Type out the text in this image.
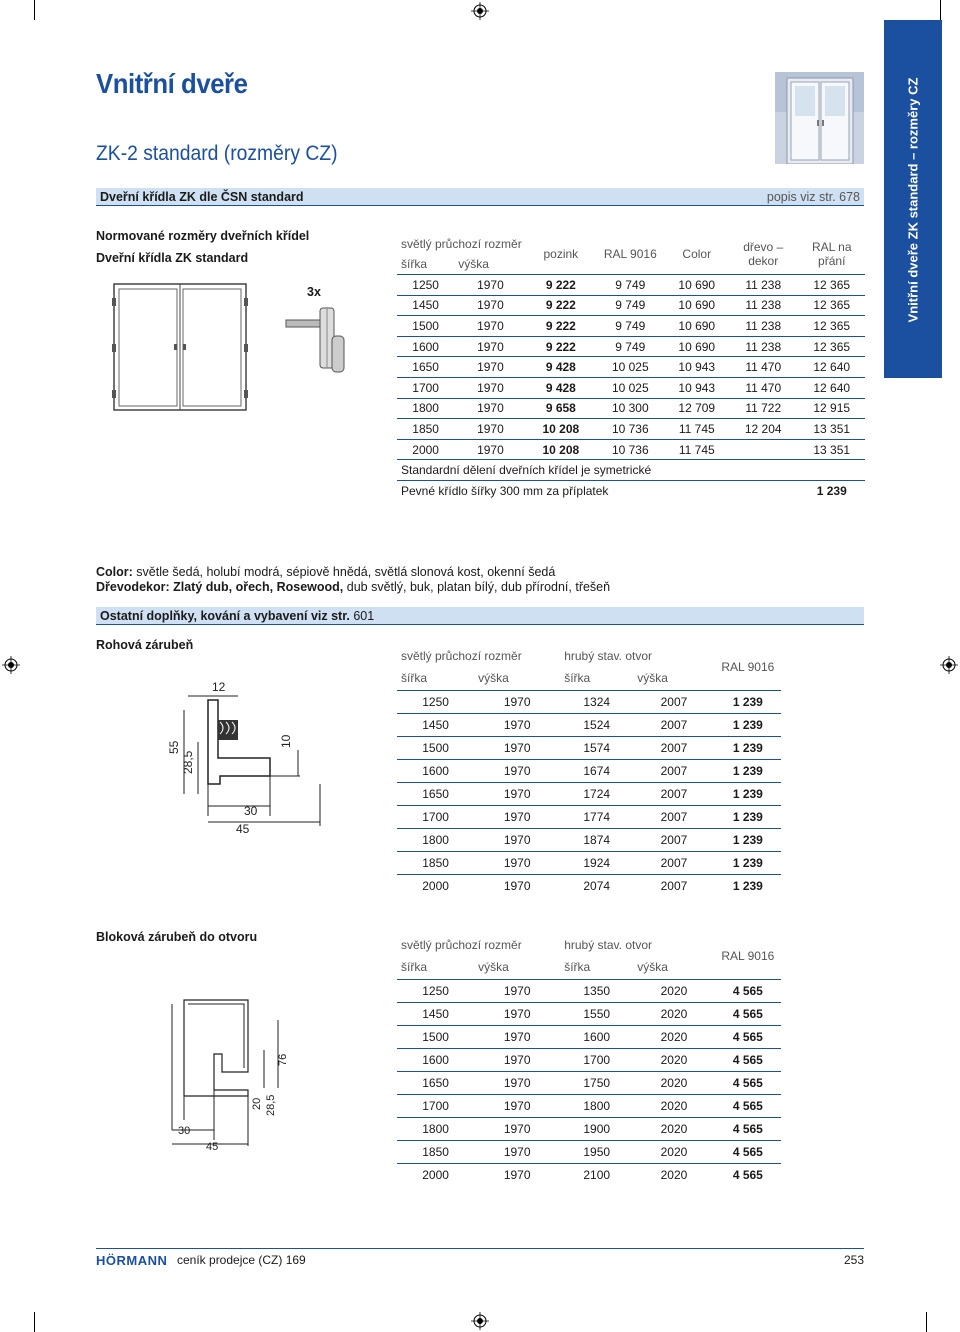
Vnitřní dveře
ZK-2 standard (rozměry CZ)	Vnitřní dveře ZK standard – rozměry CZ
Dveřní křídla ZK dle ČSN standard	popis viz str. 678
Normované rozměry dveřních křídel
Dveřní křídla ZK standard
3x
světlý průchozí rozměr		pozink	RAL 9016	Color	dřevo – dekor	RAL na přání
šířka	výška					
1250	1970	9 222	9 749	10 690	11 238	12 365
1450	1970	9 222	9 749	10 690	11 238	12 365
1500	1970	9 222	9 749	10 690	11 238	12 365
1600	1970	9 222	9 749	10 690	11 238	12 365
1650	1970	9 428	10 025	10 943	11 470	12 640
1700	1970	9 428	10 025	10 943	11 470	12 640
1800	1970	9 658	10 300	12 709	11 722	12 915
1850	1970	10 208	10 736	11 745	12 204	13 351
2000	1970	10 208	10 736	11 745		13 351
Standardní dělení dveřních křídel je symetrické						
Pevné křídlo šířky 300 mm za příplatek						1 239
Color: světle šedá, holubí modrá, sépiově hnědá, světlá slonová kost, okenní šedá
Dřevodekor: Zlatý dub, ořech, Rosewood, dub světlý, buk, platan bílý, dub přírodní, třešeň
Ostatní doplňky, kování a vybavení viz str. 601
Rohová zárubeň
12
55
28,5
10
30
45
světlý průchozí rozměr		hrubý stav. otvor		RAL 9016
šířka	výška	šířka	výška	
1250	1970	1324	2007	1 239
1450	1970	1524	2007	1 239
1500	1970	1574	2007	1 239
1600	1970	1674	2007	1 239
1650	1970	1724	2007	1 239
1700	1970	1774	2007	1 239
1800	1970	1874	2007	1 239
1850	1970	1924	2007	1 239
2000	1970	2074	2007	1 239
Bloková zárubeň do otvoru
76
20 28,5
30
45
světlý průchozí rozměr		hrubý stav. otvor		RAL 9016
šířka	výška	šířka	výška	
1250	1970	1350	2020	4 565
1450	1970	1550	2020	4 565
1500	1970	1600	2020	4 565
1600	1970	1700	2020	4 565
1650	1970	1750	2020	4 565
1700	1970	1800	2020	4 565
1800	1970	1900	2020	4 565
1850	1970	1950	2020	4 565
2000	1970	2100	2020	4 565
HÖRMANN ceník prodejce (CZ) 169	253
